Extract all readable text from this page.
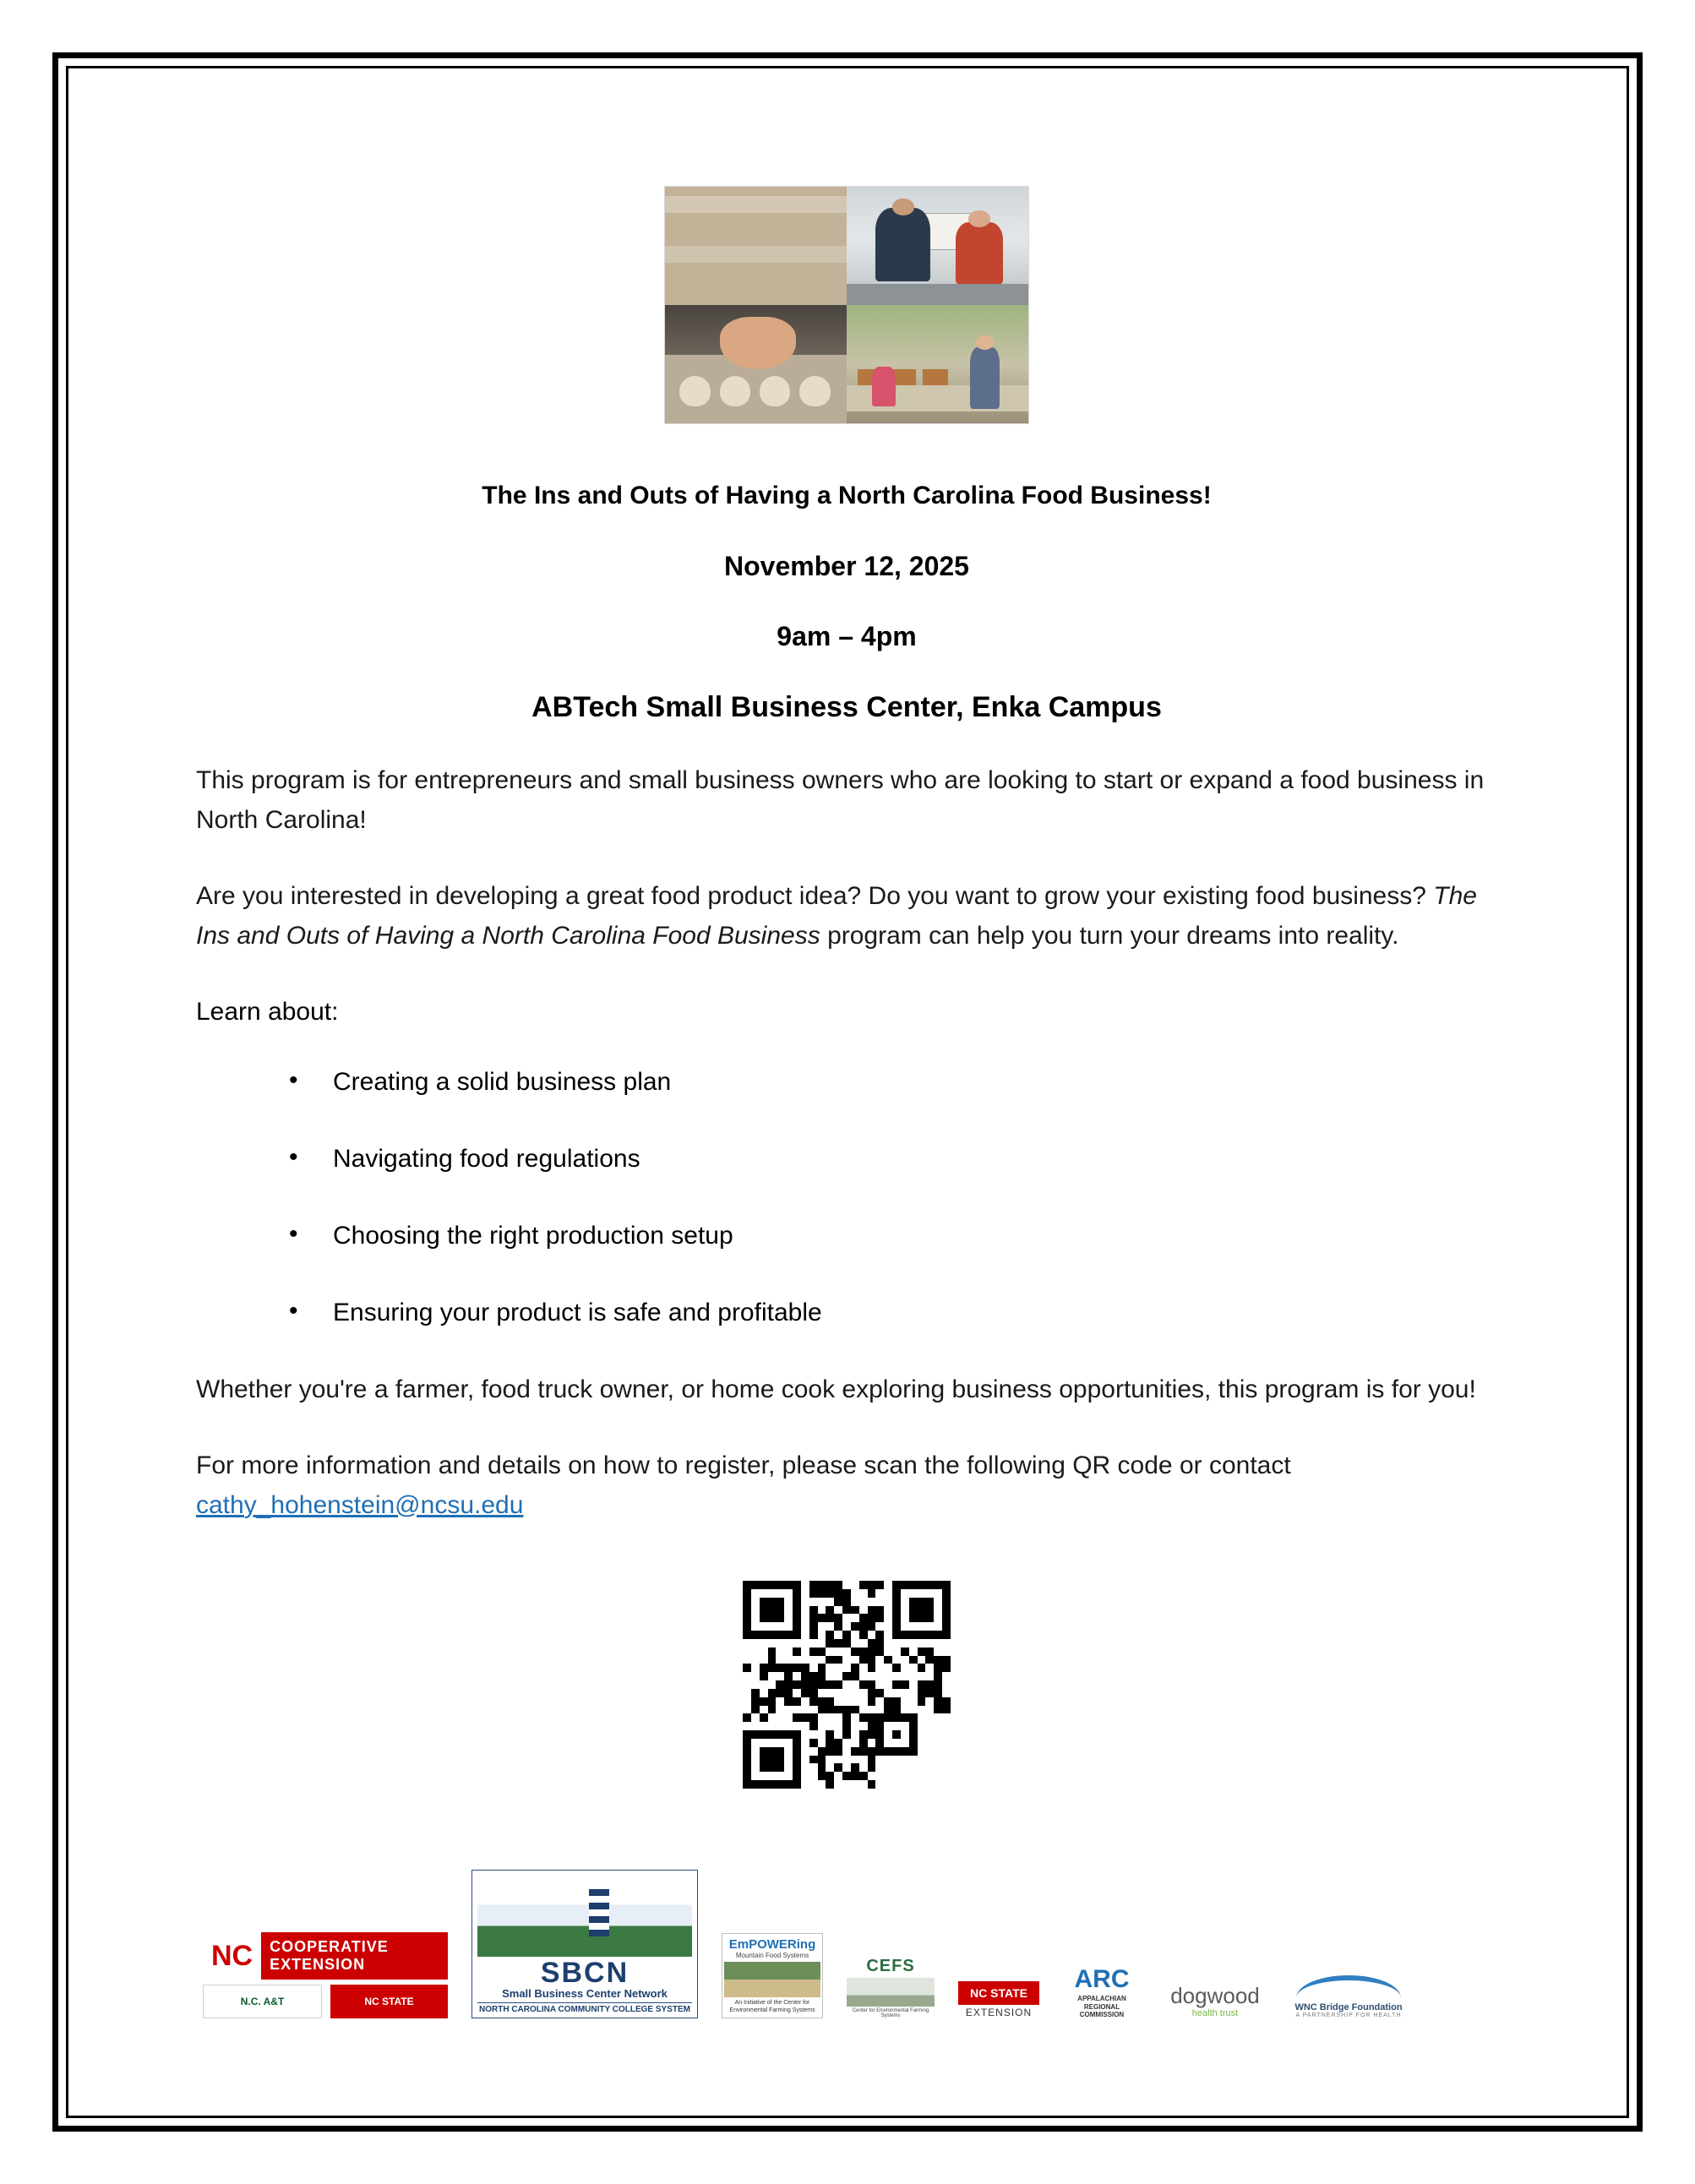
The Ins and Outs of Having a North Carolina Food Business!
November 12, 2025
9am – 4pm
ABTech Small Business Center, Enka Campus

This program is for entrepreneurs and small business owners who are looking to start or expand a food business in North Carolina!

Are you interested in developing a great food product idea? Do you want to grow your existing food business? The Ins and Outs of Having a North Carolina Food Business program can help you turn your dreams into reality.

Learn about:

• Creating a solid business plan
• Navigating food regulations
• Choosing the right production setup
• Ensuring your product is safe and profitable

Whether you're a farmer, food truck owner, or home cook exploring business opportunities, this program is for you!

For more information and details on how to register, please scan the following QR code or contact cathy_hohenstein@ncsu.edu

NC	COOPERATIVE
EXTENSION
N.C. A&T	NC STATE
SBCN
Small Business Center Network
NORTH CAROLINA COMMUNITY COLLEGE SYSTEM
EmPOWERing
Mountain Food Systems
An Initiative of the Center for Environmental Farming Systems
CEFS
Center for Environmental Farming Systems
NC STATE
EXTENSION
ARC
APPALACHIAN REGIONAL COMMISSION
dogwood
health trust
WNC Bridge Foundation
A PARTNERSHIP FOR HEALTH
